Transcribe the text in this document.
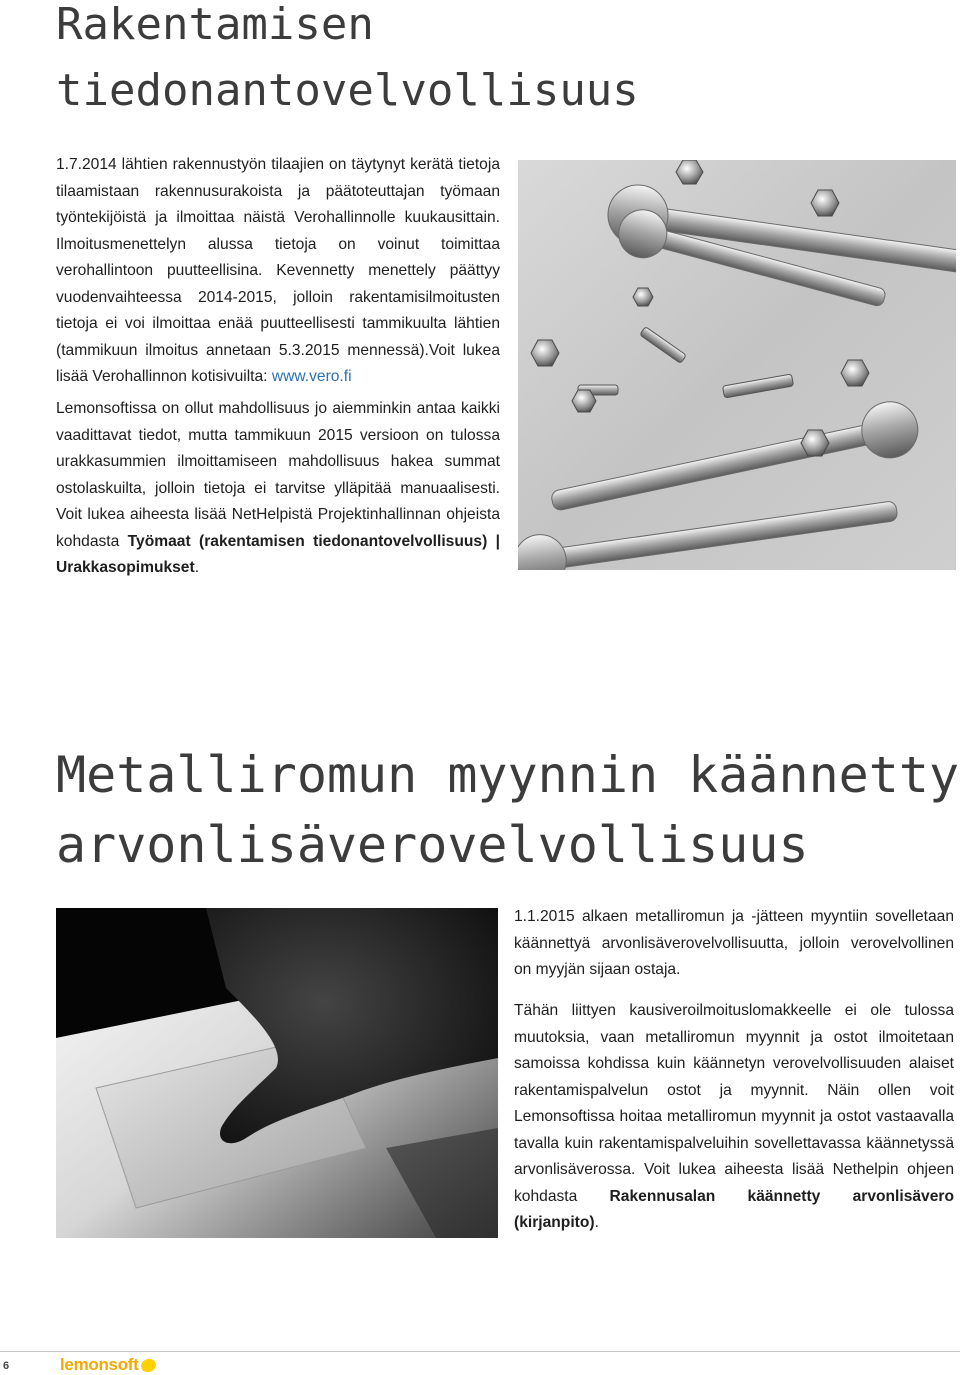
Rakentamisen
tiedonantovelvollisuus

1.7.2014 lähtien rakennustyön tilaajien on täytynyt kerätä tietoja tilaamistaan rakennusurakoista ja päätoteuttajan työmaan työntekijöistä ja ilmoittaa näistä Verohallinnolle kuukausittain. Ilmoitusmenettelyn alussa tietoja on voinut toimittaa verohallintoon puutteellisina. Kevennetty menettely päättyy vuodenvaihteessa 2014-2015, jolloin rakentamisilmoitusten tietoja ei voi ilmoittaa enää puutteellisesti tammikuulta lähtien (tammikuun ilmoitus annetaan 5.3.2015 mennessä).Voit lukea lisää Verohallinnon kotisivuilta: www.vero.fi

Lemonsoftissa on ollut mahdollisuus jo aiemminkin antaa kaikki vaadittavat tiedot, mutta tammikuun 2015 versioon on tulossa urakkasummien ilmoittamiseen mahdollisuus hakea summat ostolaskuilta, jolloin tietoja ei tarvitse ylläpitää manuaalisesti. Voit lukea aiheesta lisää NetHelpistä Projektinhallinnan ohjeista kohdasta Työmaat (rakentamisen tiedonantovelvollisuus) | Urakkasopimukset.

Metalliromun myynnin käännetty
arvonlisäverovelvollisuus

1.1.2015 alkaen metalliromun ja -jätteen myyntiin sovelletaan käännettyä arvonlisäverovelvollisuutta, jolloin verovelvollinen on myyjän sijaan ostaja.

Tähän liittyen kausiveroilmoituslomakkeelle ei ole tulossa muutoksia, vaan metalliromun myynnit ja ostot ilmoitetaan samoissa kohdissa kuin käännetyn verovelvollisuuden alaiset rakentamispalvelun ostot ja myynnit. Näin ollen voit Lemonsoftissa hoitaa metalliromun myynnit ja ostot vastaavalla tavalla kuin rakentamispalveluihin sovellettavassa käännetyssä arvonlisäverossa. Voit lukea aiheesta lisää Nethelpin ohjeen kohdasta Rakennusalan käännetty arvonlisävero (kirjanpito).

6	lemonsoft
